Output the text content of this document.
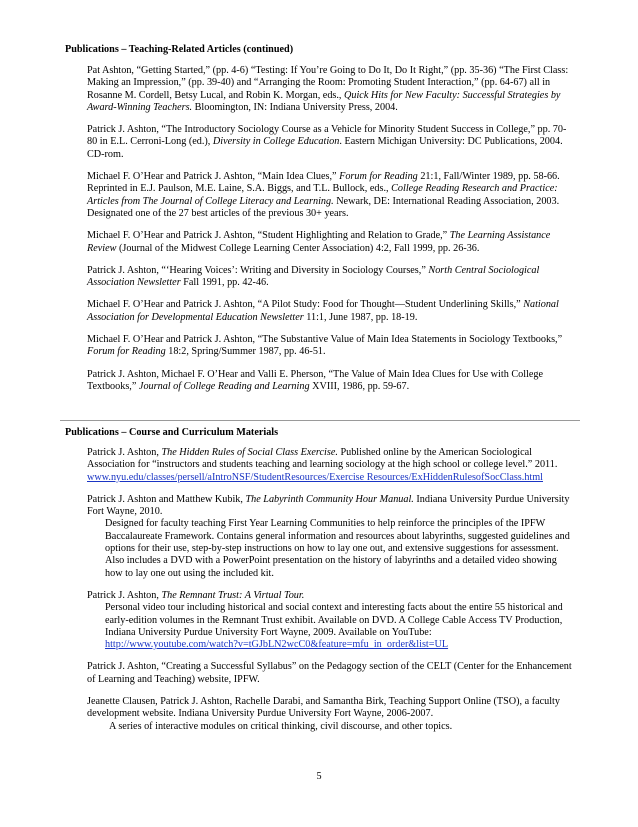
Publications – Teaching-Related Articles (continued)

Pat Ashton, “Getting Started,” (pp. 4-6) “Testing: If You’re Going to Do It, Do It Right,” (pp. 35-36) “The First Class: Making an Impression,” (pp. 39-40) and “Arranging the Room: Promoting Student Interaction,” (pp. 64-67) all in Rosanne M. Cordell, Betsy Lucal, and Robin K. Morgan, eds., Quick Hits for New Faculty: Successful Strategies by Award-Winning Teachers. Bloomington, IN: Indiana University Press, 2004.

Patrick J. Ashton, “The Introductory Sociology Course as a Vehicle for Minority Student Success in College,” pp. 70-80 in E.L. Cerroni-Long (ed.), Diversity in College Education. Eastern Michigan University: DC Publications, 2004. CD-rom.

Michael F. O’Hear and Patrick J. Ashton, “Main Idea Clues,” Forum for Reading 21:1, Fall/Winter 1989, pp. 58-66. Reprinted in E.J. Paulson, M.E. Laine, S.A. Biggs, and T.L. Bullock, eds., College Reading Research and Practice: Articles from The Journal of College Literacy and Learning. Newark, DE: International Reading Association, 2003. Designated one of the 27 best articles of the previous 30+ years.

Michael F. O’Hear and Patrick J. Ashton, “Student Highlighting and Relation to Grade,” The Learning Assistance Review (Journal of the Midwest College Learning Center Association) 4:2, Fall 1999, pp. 26-36.

Patrick J. Ashton, “‘Hearing Voices’: Writing and Diversity in Sociology Courses,” North Central Sociological Association Newsletter Fall 1991, pp. 42-46.

Michael F. O’Hear and Patrick J. Ashton, “A Pilot Study: Food for Thought—Student Underlining Skills,” National Association for Developmental Education Newsletter 11:1, June 1987, pp. 18-19.

Michael F. O’Hear and Patrick J. Ashton, “The Substantive Value of Main Idea Statements in Sociology Textbooks,” Forum for Reading 18:2, Spring/Summer 1987, pp. 46-51.

Patrick J. Ashton, Michael F. O’Hear and Valli E. Pherson, “The Value of Main Idea Clues for Use with College Textbooks,” Journal of College Reading and Learning XVIII, 1986, pp. 59-67.

Publications – Course and Curriculum Materials

Patrick J. Ashton, The Hidden Rules of Social Class Exercise. Published online by the American Sociological Association for “instructors and students teaching and learning sociology at the high school or college level.” 2011.

www.nyu.edu/classes/persell/aIntroNSF/StudentResources/Exercise Resources/ExHiddenRulesofSocClass.html

Patrick J. Ashton and Matthew Kubik, The Labyrinth Community Hour Manual. Indiana University Purdue University Fort Wayne, 2010.

Designed for faculty teaching First Year Learning Communities to help reinforce the principles of the IPFW Baccalaureate Framework. Contains general information and resources about labyrinths, suggested guidelines and options for their use, step-by-step instructions on how to lay one out, and extensive suggestions for assessment. Also includes a DVD with a PowerPoint presentation on the history of labyrinths and a detailed video showing how to lay one out using the included kit.

Patrick J. Ashton, The Remnant Trust: A Virtual Tour.

Personal video tour including historical and social context and interesting facts about the entire 55 historical and early-edition volumes in the Remnant Trust exhibit. Available on DVD. A College Cable Access TV Production, Indiana University Purdue University Fort Wayne, 2009. Available on YouTube:

http://www.youtube.com/watch?v=tGJbLN2wcC0&feature=mfu_in_order&list=UL

Patrick J. Ashton, “Creating a Successful Syllabus” on the Pedagogy section of the CELT (Center for the Enhancement of Learning and Teaching) website, IPFW.

Jeanette Clausen, Patrick J. Ashton, Rachelle Darabi, and Samantha Birk, Teaching Support Online (TSO), a faculty development website. Indiana University Purdue University Fort Wayne, 2006-2007.

A series of interactive modules on critical thinking, civil discourse, and other topics.

5
